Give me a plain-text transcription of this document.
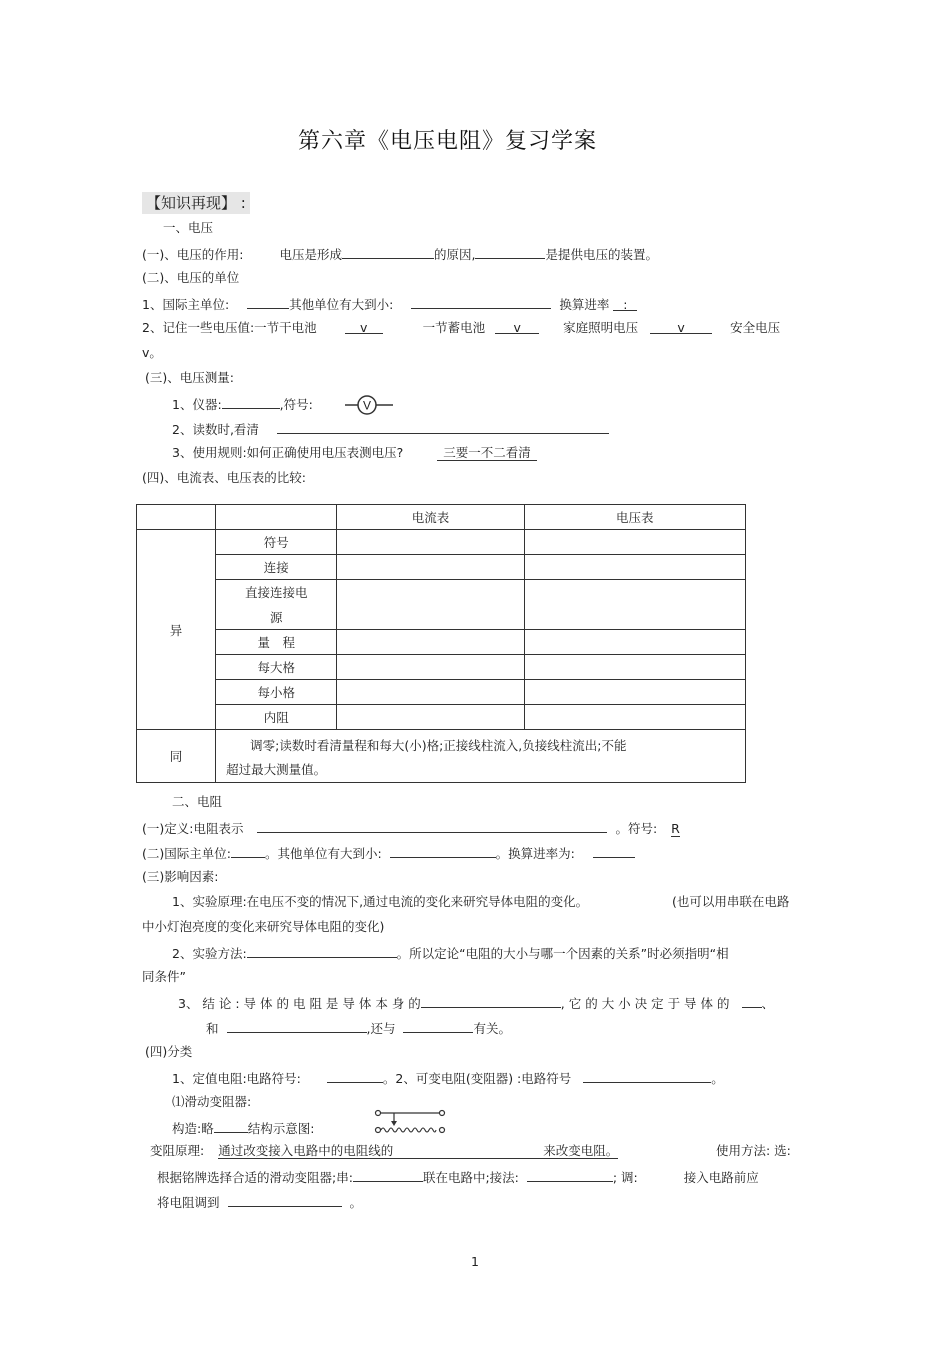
第六章《电压电阻》复习学案
【知识再现】 :
一、电压
(一)、电压的作用:	电压是形成	的原因,	是提供电压的装置。
(二)、电压的单位
1、国际主单位:	其他单位有大到小:	换算进率 :
2、记住一些电压值:一节干电池	v	一节蓄电池 v	家庭照明电压	v	安全电压
v。
(三)、电压测量:
1、仪器:	,符号:	V
2、读数时,看清
3、使用规则:如何正确使用电压表测电压?	三要一不二看清
(四)、电流表、电压表的比较:
		电流表	电压表
异	符号		
	连接		
	直接连接电		
	源		
	量　程		
	每大格		
	每小格		
	内阻		
同	调零;读数时看清量程和每大(小)格;正接线柱流入,负接线柱流出;不能
超过最大测量值。		
二、电阻
(一)定义:电阻表示	。符号: R
(二)国际主单位:	。其他单位有大到小:	。换算进率为:
(三)影响因素:
1、实验原理:在电压不变的情况下,通过电流的变化来研究导体电阻的变化。	(也可以用串联在电路
中小灯泡亮度的变化来研究导体电阻的变化)
2、实验方法:	。所以定论“电阻的大小与哪一个因素的关系”时必须指明“相
同条件”
3、 结 论 : 导 体 的 电 阻 是 导 体 本 身 的	, 它 的 大 小 决 定 于 导 体 的	、
和	,还与	有关。
(四)分类
1、定值电阻:电路符号:	。2、可变电阻(变阻器) :电路符号	。
⑴滑动变阻器:
构造:略	结构示意图:
变阻原理: 通过改变接入电路中的电阻线的	来改变电阻。	使用方法: 选:
根据铭牌选择合适的滑动变阻器;串:	联在电路中;接法:	; 调:	接入电路前应
将电阻调到	。
1
